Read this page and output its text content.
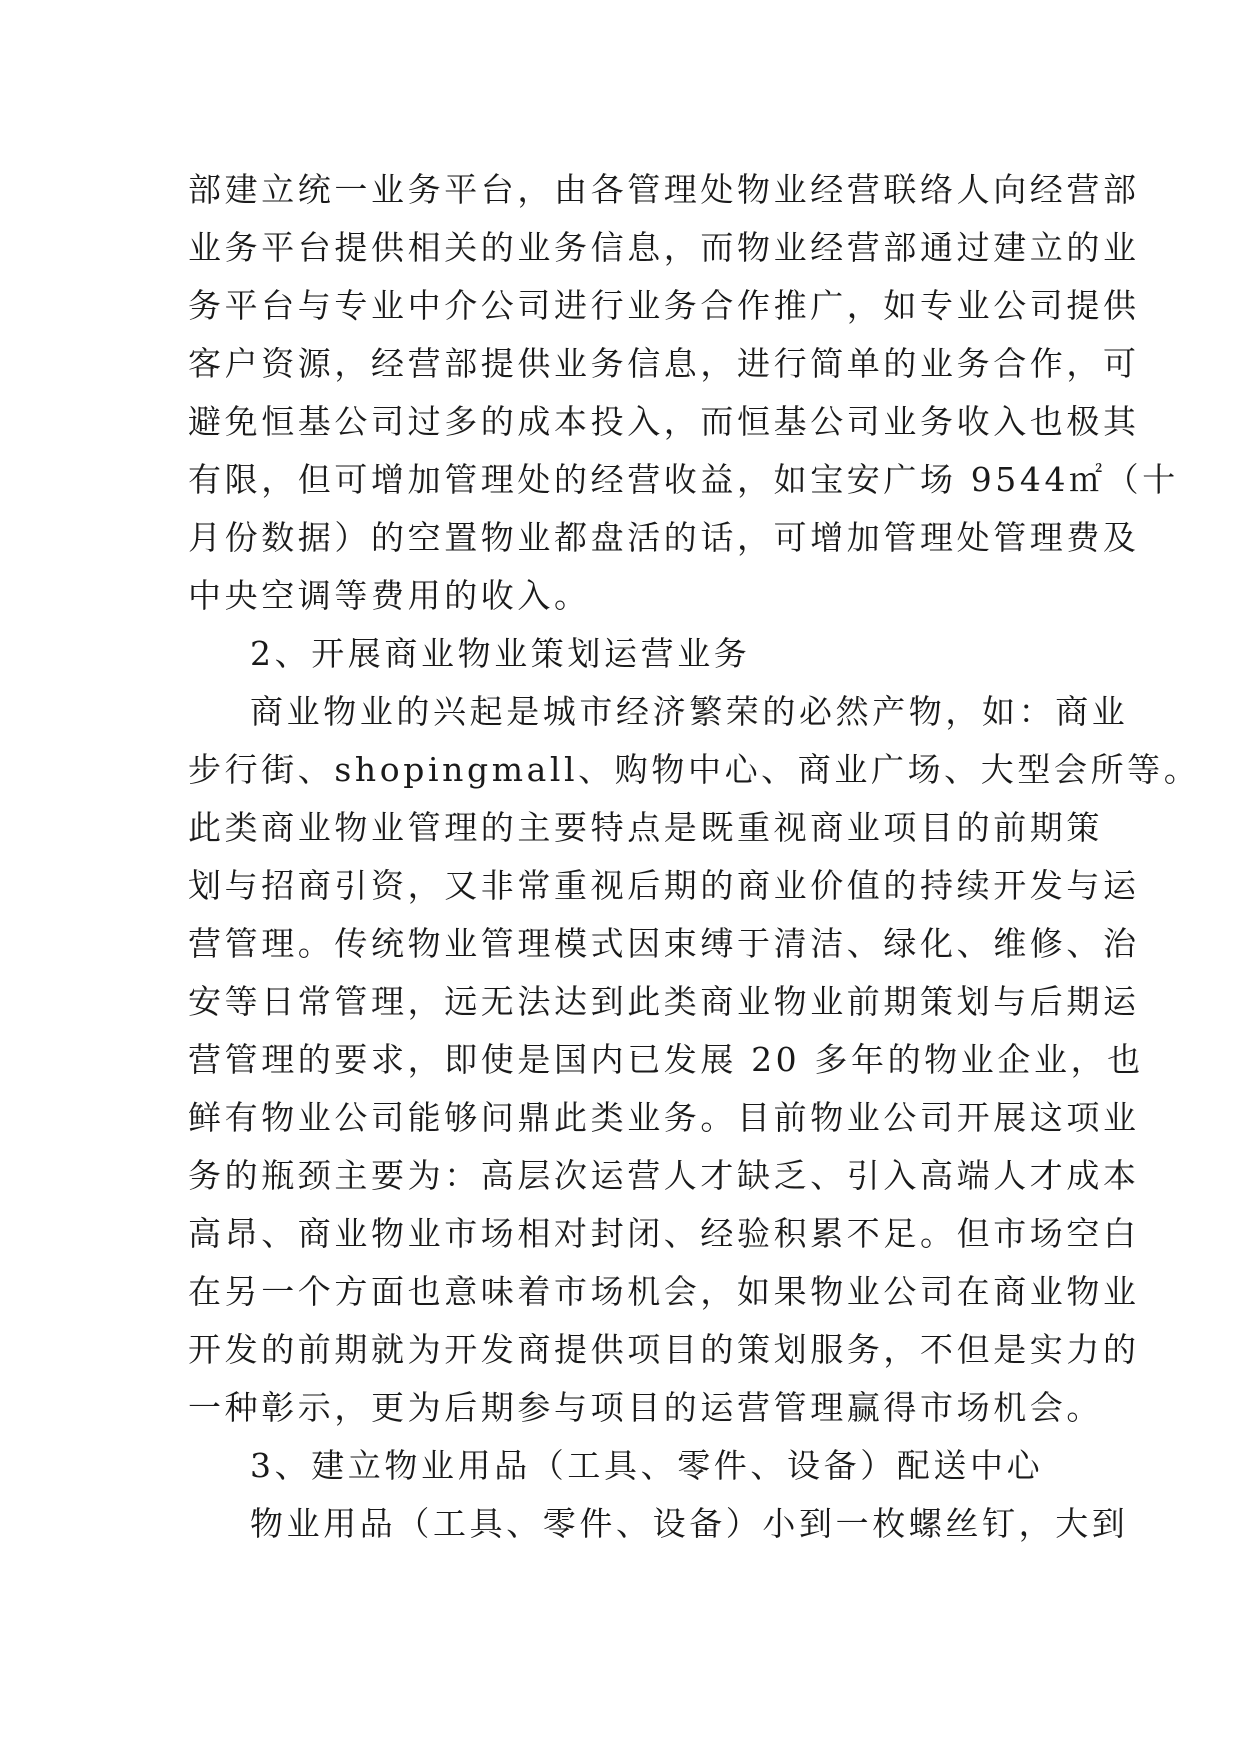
部建立统一业务平台，由各管理处物业经营联络人向经营部
业务平台提供相关的业务信息，而物业经营部通过建立的业
务平台与专业中介公司进行业务合作推广，如专业公司提供
客户资源，经营部提供业务信息，进行简单的业务合作，可
避免恒基公司过多的成本投入，而恒基公司业务收入也极其
有限，但可增加管理处的经营收益，如宝安广场 9544㎡（十
月份数据）的空置物业都盘活的话，可增加管理处管理费及
中央空调等费用的收入。
2、开展商业物业策划运营业务
商业物业的兴起是城市经济繁荣的必然产物，如：商业
步行街、shopingmall、购物中心、商业广场、大型会所等。
此类商业物业管理的主要特点是既重视商业项目的前期策
划与招商引资，又非常重视后期的商业价值的持续开发与运
营管理。传统物业管理模式因束缚于清洁、绿化、维修、治
安等日常管理，远无法达到此类商业物业前期策划与后期运
营管理的要求，即使是国内已发展 20 多年的物业企业，也
鲜有物业公司能够问鼎此类业务。目前物业公司开展这项业
务的瓶颈主要为：高层次运营人才缺乏、引入高端人才成本
高昂、商业物业市场相对封闭、经验积累不足。但市场空白
在另一个方面也意味着市场机会，如果物业公司在商业物业
开发的前期就为开发商提供项目的策划服务，不但是实力的
一种彰示，更为后期参与项目的运营管理赢得市场机会。
3、建立物业用品（工具、零件、设备）配送中心
物业用品（工具、零件、设备）小到一枚螺丝钉，大到
